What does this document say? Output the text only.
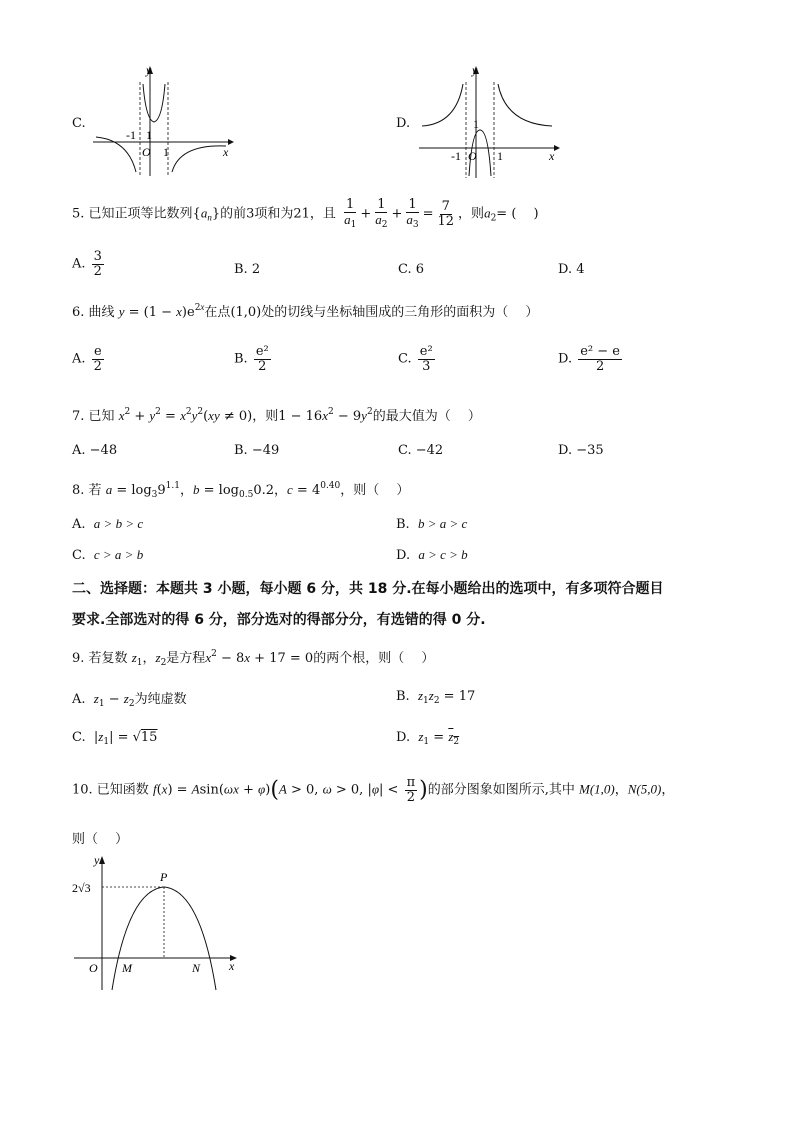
C.
y
x
O
-1 1
1
D.
y
x
O
-1
1
1
5. 已知正项等比数列$\{a_n\}$的前3项和为21，且 $\frac{1}{a_1} + \frac{1}{a_2} + \frac{1}{a_3} = \frac{7}{12}$ ，则$a_2=$ (　 )
A. $\frac{3}{2}$	B. 2	C. 6	D. 4
6. 曲线 $y = (1 - x)e^{2x}$在点(1,0)处的切线与坐标轴围成的三角形的面积为（　 ）
A. $\frac{e}{2}$	B. $\frac{\text{e²}}{2}$	C. $\frac{\text{e²}}{3}$	D. $\frac{\text{e² − e}}{2}$
7. 已知 $x^2 + y^2 = x^2y^2(xy \ne 0)$，则$1 - 16x^2 - 9y^2$的最大值为（　 ）
A. −48	B. −49	C. −42	D. −35
8. 若 $a = \log_39^{1.1}$，$b = \log_{0.5}0.2$，$c = 4^{0.40}$，则（　 ）
A. a > b > c	B. b > a > c
C. c > a > b	D. a > c > b
二、选择题：本题共 3 小题，每小题 6 分，共 18 分.在每小题给出的选项中，有多项符合题目
要求.全部选对的得 6 分，部分选对的得部分分，有选错的得 0 分.
9. 若复数 $z_1$，$z_2$是方程$x^2 - 8x + 17 = 0$的两个根，则（　 ）
A. $z_1 - z_2$为纯虚数	B. $z_1z_2 = 17$
C.  $|z_1| = √15$	D. $z_1 = z_2$
10. 已知函数 f(x) = Asin(ωx + φ)(A > 0, ω > 0, $|\varphi| < \frac{\pi}{2}$ )的部分图象如图所示,其中 M(1,0)，N(5,0)，
则（　 ）
y
x
2√3
P
O M	N
